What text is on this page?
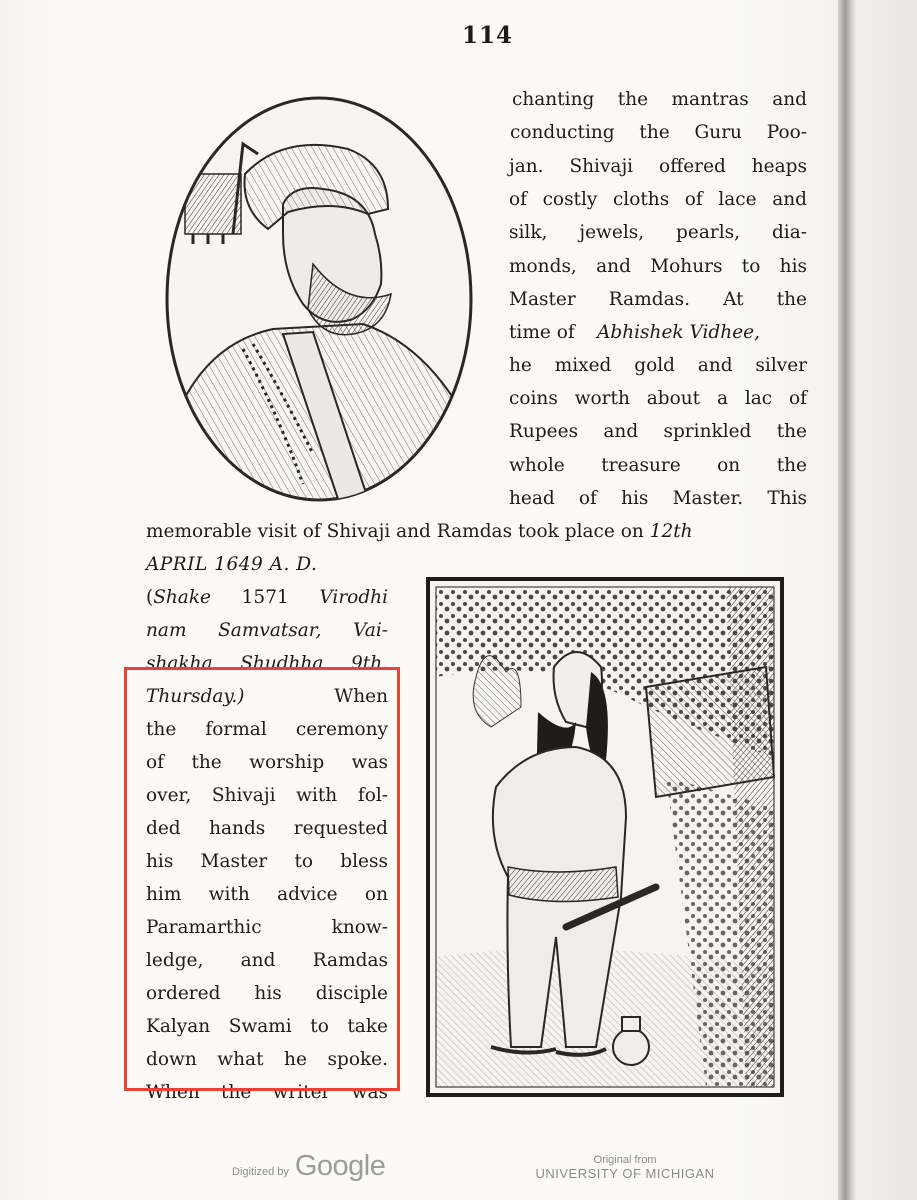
114
chanting the mantras and
conducting the Guru Poo-
jan. Shivaji offered heaps
of costly cloths of lace and
silk, jewels, pearls, dia-
monds, and Mohurs to his
Master Ramdas. At the
time of Abhishek Vidhee,
he mixed gold and silver
coins worth about a lac of
Rupees and sprinkled the
whole treasure on the
head of his Master. This
memorable visit of Shivaji and Ramdas took place on 12th
APRIL 1649 A. D.
(Shake 1571 Virodhi
nam Samvatsar, Vai-
shakha Shudhha 9th.
Thursday.) When
the formal ceremony
of the worship was
over, Shivaji with fol-
ded hands requested
his Master to bless
him with advice on
Paramarthic know-
ledge, and Ramdas
ordered his disciple
Kalyan Swami to take
down what he spoke.
When the writer was
Digitized by Google	Original from
UNIVERSITY OF MICHIGAN
